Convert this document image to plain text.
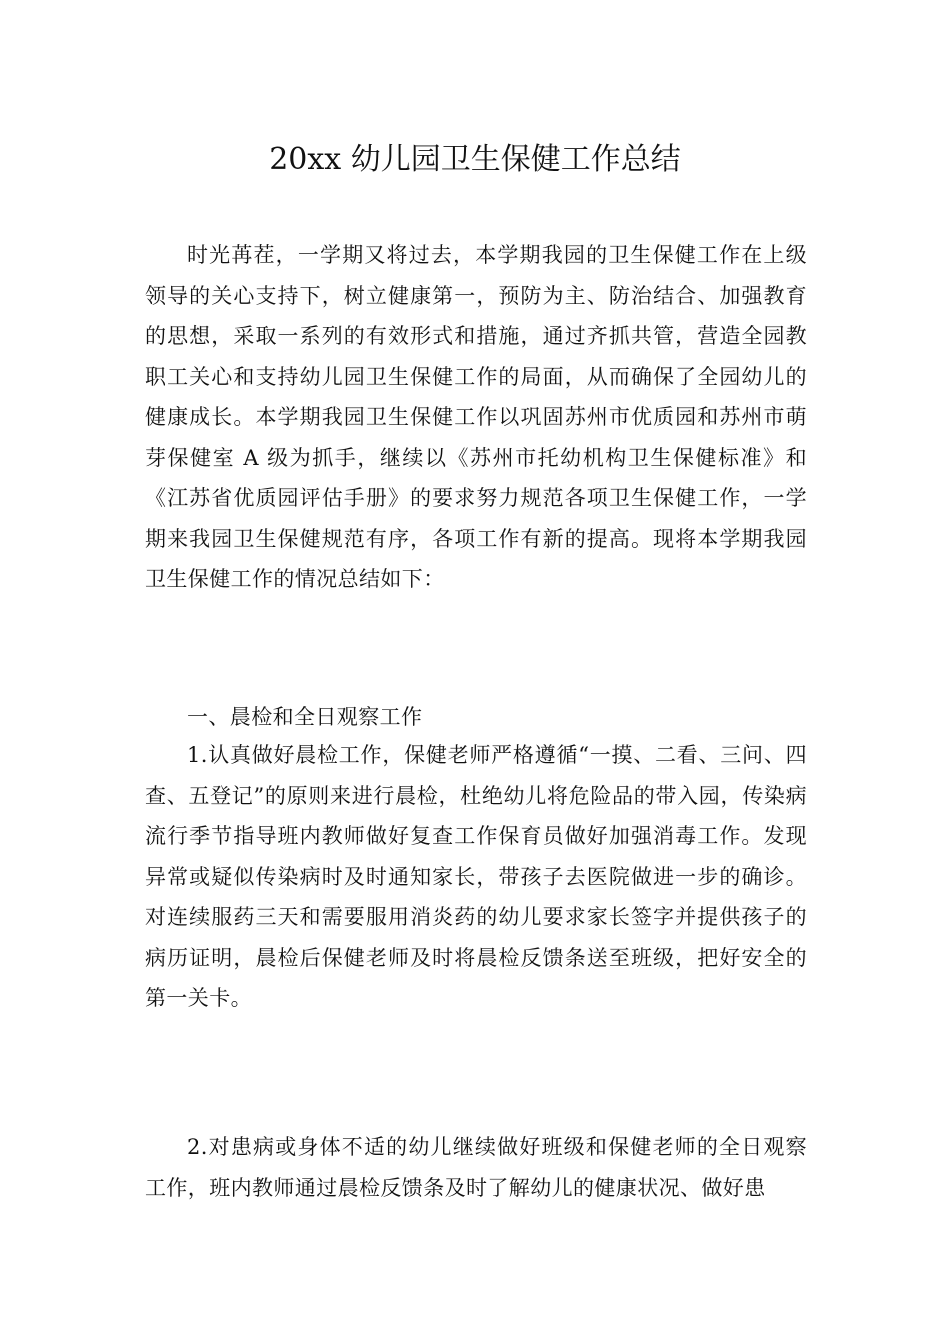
20xx 幼儿园卫生保健工作总结

时光苒茬，一学期又将过去，本学期我园的卫生保健工作在上级领导的关心支持下，树立健康第一，预防为主、防治结合、加强教育的思想，采取一系列的有效形式和措施，通过齐抓共管，营造全园教职工关心和支持幼儿园卫生保健工作的局面，从而确保了全园幼儿的健康成长。本学期我园卫生保健工作以巩固苏州市优质园和苏州市萌芽保健室 A 级为抓手，继续以《苏州市托幼机构卫生保健标准》和《江苏省优质园评估手册》的要求努力规范各项卫生保健工作，一学期来我园卫生保健规范有序，各项工作有新的提高。现将本学期我园卫生保健工作的情况总结如下：

一、晨检和全日观察工作

1.认真做好晨检工作，保健老师严格遵循“一摸、二看、三问、四查、五登记”的原则来进行晨检，杜绝幼儿将危险品的带入园，传染病流行季节指导班内教师做好复查工作保育员做好加强消毒工作。发现异常或疑似传染病时及时通知家长，带孩子去医院做进一步的确诊。对连续服药三天和需要服用消炎药的幼儿要求家长签字并提供孩子的病历证明，晨检后保健老师及时将晨检反馈条送至班级，把好安全的第一关卡。

2.对患病或身体不适的幼儿继续做好班级和保健老师的全日观察工作，班内教师通过晨检反馈条及时了解幼儿的健康状况、做好患
